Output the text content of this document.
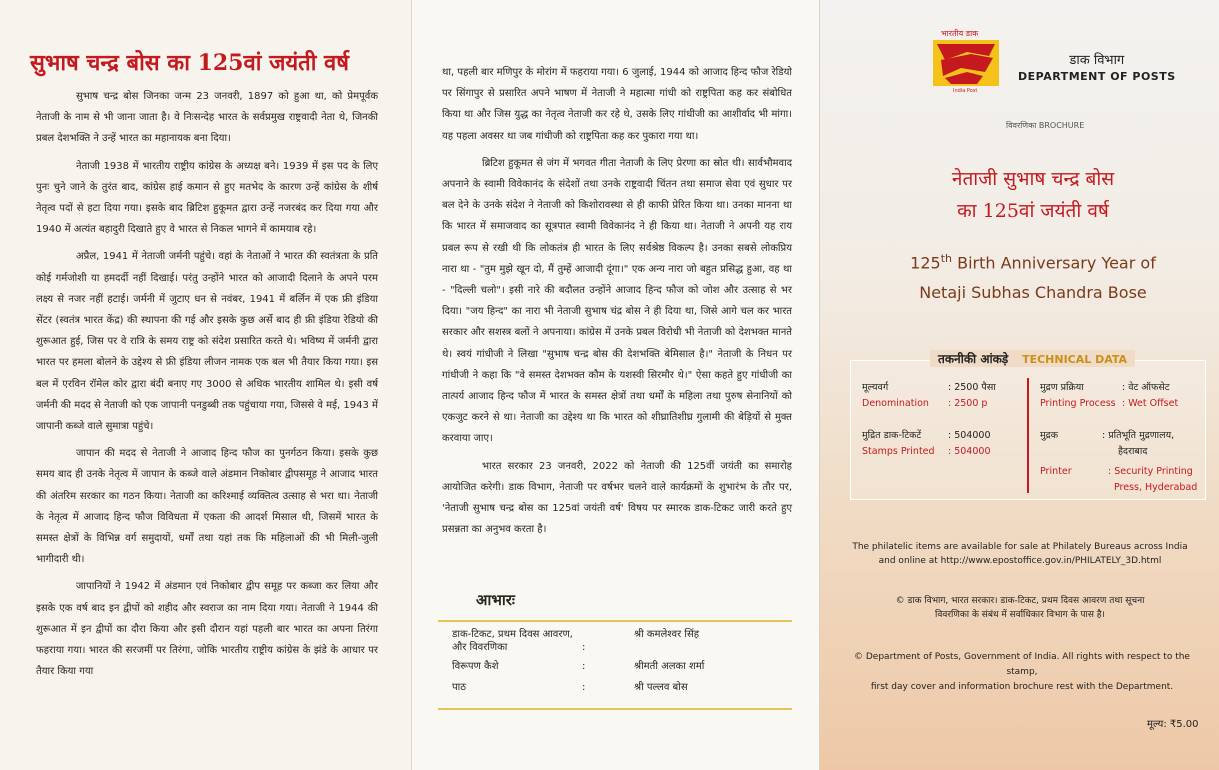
सुभाष चन्द्र बोस का 125वां जयंती वर्ष

सुभाष चन्द्र बोस जिनका जन्म 23 जनवरी, 1897 को हुआ था, को प्रेमपूर्वक नेताजी के नाम से भी जाना जाता है। वे निःसन्देह भारत के सर्वप्रमुख राष्ट्रवादी नेता थे, जिनकी प्रबल देशभक्ति ने उन्हें भारत का महानायक बना दिया।

नेताजी 1938 में भारतीय राष्ट्रीय कांग्रेस के अध्यक्ष बने। 1939 में इस पद के लिए पुनः चुने जाने के तुरंत बाद, कांग्रेस हाई कमान से हुए मतभेद के कारण उन्हें कांग्रेस के शीर्ष नेतृत्व पदों से हटा दिया गया। इसके बाद ब्रिटिश हुकूमत द्वारा उन्हें नजरबंद कर दिया गया और 1940 में अत्यंत बहादुरी दिखाते हुए वे भारत से निकल भागने में कामयाब रहे।

अप्रैल, 1941 में नेताजी जर्मनी पहुंचे। वहां के नेताओं ने भारत की स्वतंत्रता के प्रति कोई गर्मजोशी या हमदर्दी नहीं दिखाई। परंतु उन्होंने भारत को आजादी दिलाने के अपने परम लक्ष्य से नजर नहीं हटाई। जर्मनी में जुटाए धन से नवंबर, 1941 में बर्लिन में एक फ्री इंडिया सेंटर (स्वतंत्र भारत केंद्र) की स्थापना की गई और इसके कुछ अर्से बाद ही फ्री इंडिया रेडियो की शुरूआत हुई, जिस पर वे रात्रि के समय राष्ट्र को संदेश प्रसारित करते थे। भविष्य में जर्मनी द्वारा भारत पर हमला बोलने के उद्देश्य से फ्री इंडिया लीजन नामक एक बल भी तैयार किया गया। इस बल में एरविन रॉमेल कोर द्वारा बंदी बनाए गए 3000 से अधिक भारतीय शामिल थे। इसी वर्ष जर्मनी की मदद से नेताजी को एक जापानी पनडुब्बी तक पहुंचाया गया, जिससे वे मई, 1943 में जापानी कब्जे वाले सुमात्रा पहुंचे।

जापान की मदद से नेताजी ने आजाद हिन्द फौज का पुनर्गठन किया। इसके कुछ समय बाद ही उनके नेतृत्व में जापान के कब्जे वाले अंडमान निकोबार द्वीपसमूह ने आजाद भारत की अंतरिम सरकार का गठन किया। नेताजी का करिश्माई व्यक्तित्व उत्साह से भरा था। नेताजी के नेतृत्व में आजाद हिन्द फौज विविधता में एकता की आदर्श मिसाल थी, जिसमें भारत के समस्त क्षेत्रों के विभिन्न वर्ग समुदायों, धर्मों तथा यहां तक कि महिलाओं की भी मिली-जुली भागीदारी थी।

जापानियों ने 1942 में अंडमान एवं निकोबार द्वीप समूह पर कब्जा कर लिया और इसके एक वर्ष बाद इन द्वीपों को शहीद और स्वराज का नाम दिया गया। नेताजी ने 1944 की शुरूआत में इन द्वीपों का दौरा किया और इसी दौरान यहां पहली बार भारत का अपना तिरंगा फहराया गया। भारत की सरजमीं पर तिरंगा, जोकि भारतीय राष्ट्रीय कांग्रेस के झंडे के आधार पर तैयार किया गया

था, पहली बार मणिपुर के मोरांग में फहराया गया। 6 जुलाई, 1944 को आजाद हिन्द फौज रेडियो पर सिंगापुर से प्रसारित अपने भाषण में नेताजी ने महात्मा गांधी को राष्ट्रपिता कह कर संबोधित किया था और जिस युद्ध का नेतृत्व नेताजी कर रहे थे, उसके लिए गांधीजी का आशीर्वाद भी मांगा। यह पहला अवसर था जब गांधीजी को राष्ट्रपिता कह कर पुकारा गया था।

ब्रिटिश हुकूमत से जंग में भगवत गीता नेताजी के लिए प्रेरणा का स्रोत थी। सार्वभौमवाद अपनाने के स्वामी विवेकानंद के संदेशों तथा उनके राष्ट्रवादी चिंतन तथा समाज सेवा एवं सुधार पर बल देने के उनके संदेश ने नेताजी को किशोरावस्था से ही काफी प्रेरित किया था। उनका मानना था कि भारत में समाजवाद का सूत्रपात स्वामी विवेकानंद ने ही किया था। नेताजी ने अपनी यह राय प्रबल रूप से रखी थी कि लोकतंत्र ही भारत के लिए सर्वश्रेष्ठ विकल्प है। उनका सबसे लोकप्रिय नारा था - "तुम मुझे खून दो, मैं तुम्हें आजादी दूंगा।" एक अन्य नारा जो बहुत प्रसिद्ध हुआ, वह था - "दिल्ली चलो"। इसी नारे की बदौलत उन्होंने आजाद हिन्द फौज को जोश और उत्साह से भर दिया। "जय हिन्द" का नारा भी नेताजी सुभाष चंद्र बोस ने ही दिया था, जिसे आगे चल कर भारत सरकार और सशस्त्र बलों ने अपनाया। कांग्रेस में उनके प्रबल विरोधी भी नेताजी को देशभक्त मानते थे। स्वयं गांधीजी ने लिखा "सुभाष चन्द्र बोस की देशभक्ति बेमिसाल है।" नेताजी के निधन पर गांधीजी ने कहा कि "वे समस्त देशभक्त कौम के यशस्वी सिरमौर थे।" ऐसा कहते हुए गांधीजी का तात्पर्य आजाद हिन्द फौज में भारत के समस्त क्षेत्रों तथा धर्मों के महिला तथा पुरुष सेनानियों को एकजुट करने से था। नेताजी का उद्देश्य था कि भारत को शीघ्रातिशीघ्र गुलामी की बेड़ियों से मुक्त करवाया जाए।

भारत सरकार 23 जनवरी, 2022 को नेताजी की 125वीं जयंती का समारोह आयोजित करेगी। डाक विभाग, नेताजी पर वर्षभर चलने वाले कार्यक्रमों के शुभारंभ के तौर पर, 'नेताजी सुभाष चन्द्र बोस का 125वां जयंती वर्ष' विषय पर स्मारक डाक-टिकट जारी करते हुए प्रसन्नता का अनुभव करता है।

आभारः
डाक-टिकट, प्रथम दिवस आवरण, और विवरणिका	:
श्री कमलेश्वर सिंह
विरूपण कैशे	:	श्रीमती अलका शर्मा
पाठ	:	श्री पल्लव बोस
भारतीय डाक
India Post
डाक विभाग
DEPARTMENT OF POSTS
विवरणिका BROCHURE
नेताजी सुभाष चन्द्र बोस
का 125वां जयंती वर्ष
125th Birth Anniversary Year of
Netaji Subhas Chandra Bose
तकनीकी आंकड़े TECHNICAL DATA
मूल्यवर्ग	: 2500 पैसा
Denomination : 2500 p
मुद्रित डाक-टिकटें	: 504000
Stamps Printed : 504000
मुद्रण प्रक्रिया	: वेट ऑफसेट
Printing Process : Wet Offset
मुद्रक	: प्रतिभूति मुद्रणालय,
हैदराबाद
Printer	: Security Printing
Press, Hyderabad
The philatelic items are available for sale at Philately Bureaus across India
and online at http://www.epostoffice.gov.in/PHILATELY_3D.html
© डाक विभाग, भारत सरकार। डाक-टिकट, प्रथम दिवस आवरण तथा सूचना
विवरणिका के संबंध में सर्वाधिकार विभाग के पास है।
© Department of Posts, Government of India. All rights with respect to the stamp,
first day cover and information brochure rest with the Department.
मूल्य: ₹5.00
